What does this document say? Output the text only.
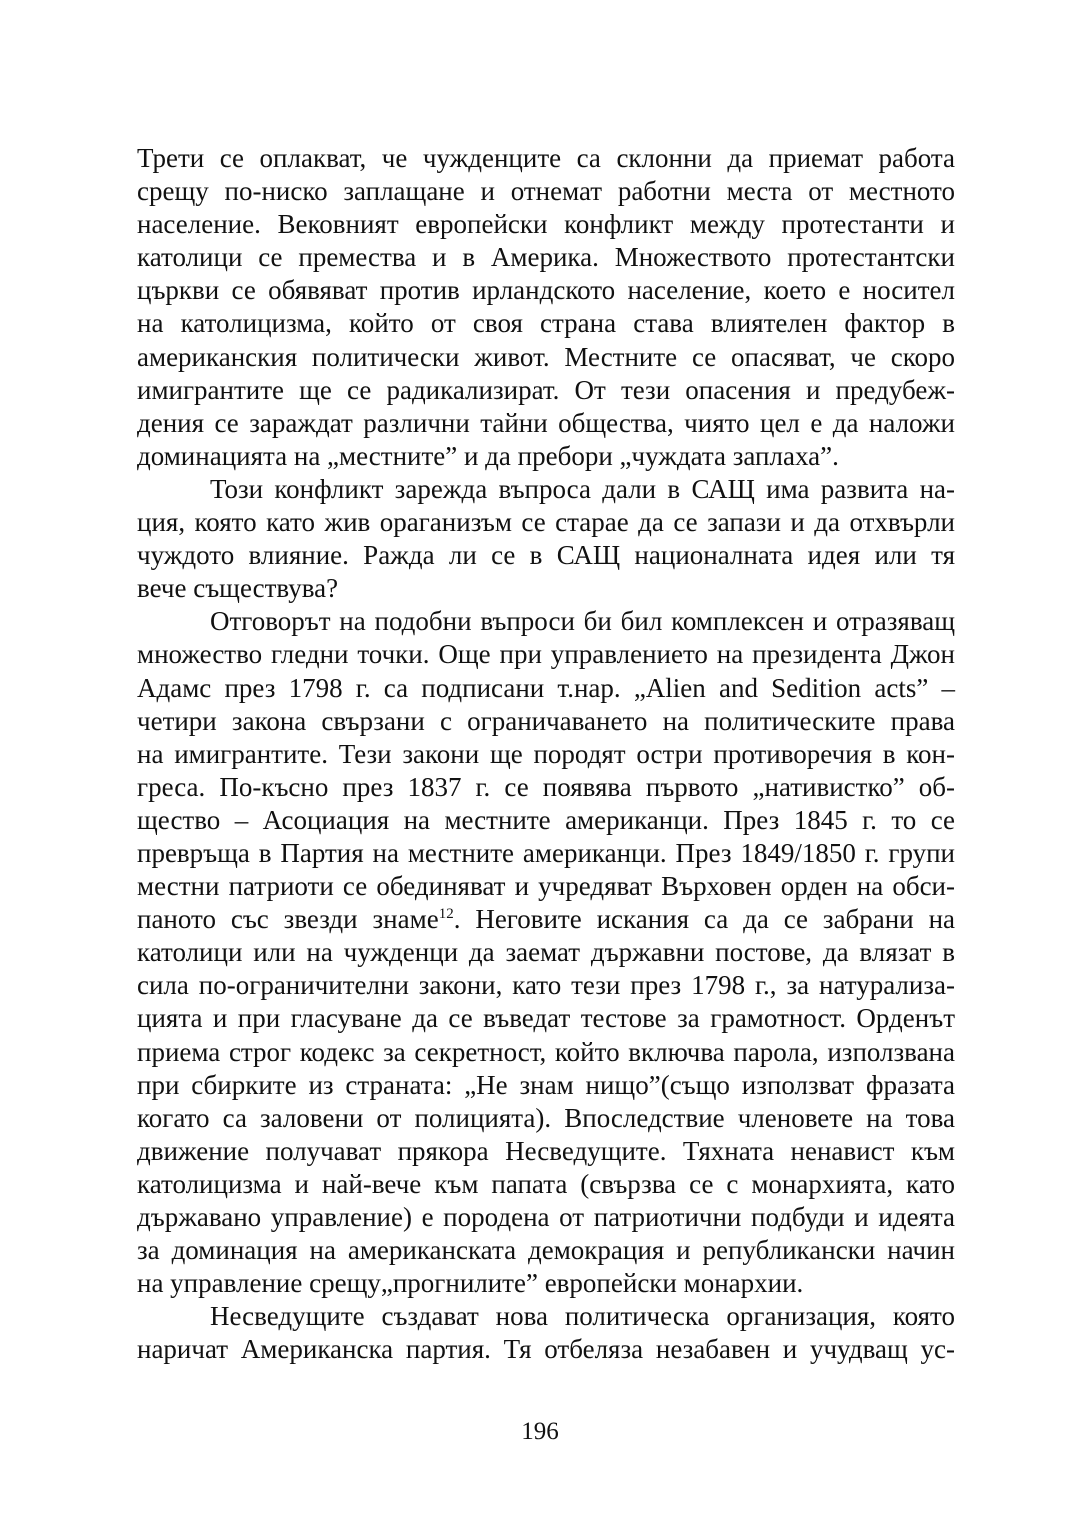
Трети се оплакват, че чужденците са склонни да приемат работа
срещу по-ниско заплащане и отнемат работни места от местното
население. Вековният европейски конфликт между протестанти и
католици се премества и в Америка. Множеството протестантски
църкви се обявяват против ирландското население, което е носител
на католицизма, който от своя страна става влиятелен фактор в
американския политически живот. Местните се опасяват, че скоро
имигрантите ще се радикализират. От тези опасения и предубеж-
дения се зараждат различни тайни общества, чиято цел е да наложи
доминацията на „местните” и да пребори „чуждата заплаха”.
Този конфликт зарежда въпроса дали в САЩ има развита на-
ция, която като жив ораганизъм се старае да се запази и да отхвърли
чуждото влияние. Ражда ли се в САЩ националната идея или тя
вече съществува?
Отговорът на подобни въпроси би бил комплексен и отразяващ
множество гледни точки. Още при управлението на президента Джон
Адамс през 1798 г. са подписани т.нар. „Alien and Sedition acts” –
четири закона свързани с ограничаването на политическите права
на имигрантите. Тези закони ще породят остри противоречия в кон-
греса. По-късно през 1837 г. се появява първото „нативистко” об-
щество – Асоциация на местните американци. През 1845 г. то се
превръща в Партия на местните американци. През 1849/1850 г. групи
местни патриоти се обединяват и учредяват Върховен орден на обси-
паното със звезди знаме$^{12}$. Неговите искания са да се забрани на
католици или на чужденци да заемат държавни постове, да влязат в
сила по-ограничителни закони, като тези през 1798 г., за натурализа-
цията и при гласуване да се въведат тестове за грамотност. Орденът
приема строг кодекс за секретност, който включва парола, използвана
при сбирките из страната: „Не знам нищо”(също използват фразата
когато са заловени от полицията). Впоследствие членовете на това
движение получават прякора Несведущите. Тяхната ненавист към
католицизма и най-вече към папата (свързва се с монархията, като
държавано управление) е породена от патриотични подбуди и идеята
за доминация на американската демокрация и републикански начин
на управление срещу„прогнилите” европейски монархии.
Несведущите създават нова политическа организация, която
наричат Американска партия. Тя отбеляза незабавен и учудващ ус-
196
